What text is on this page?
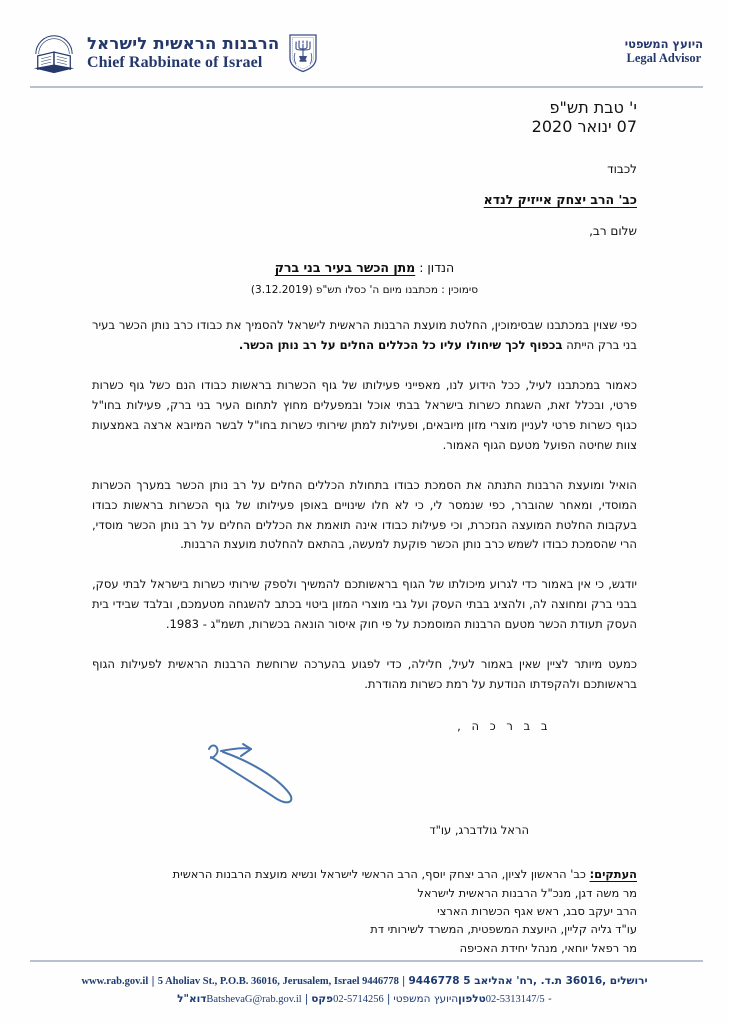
הרבנות הראשית לישראל
Chief Rabbinate of Israel
היועץ המשפטי
Legal Advisor
י' טבת תש"פ
07 ינואר 2020
לכבוד
כב' הרב יצחק אייזיק לנדא
שלום רב,
הנדון : מתן הכשר בעיר בני ברק
סימוכין : מכתבנו מיום ה' כסלו תש"פ (3.12.2019)
כפי שצוין במכתבנו שבסימוכין, החלטת מועצת הרבנות הראשית לישראל להסמיך את כבודו כרב נותן הכשר בעיר בני ברק הייתה בכפוף לכך שיחולו עליו כל הכללים החלים על רב נותן הכשר.
כאמור במכתבנו לעיל, ככל הידוע לנו, מאפייני פעילותו של גוף הכשרות בראשות כבודו הנם כשל גוף כשרות פרטי, ובכלל זאת, השגחת כשרות בישראל בבתי אוכל ובמפעלים מחוץ לתחום העיר בני ברק, פעילות בחו"ל כגוף כשרות פרטי לעניין מוצרי מזון מיובאים, ופעילות למתן שירותי כשרות בחו"ל לבשר המיובא ארצה באמצעות צוות שחיטה הפועל מטעם הגוף האמור.
הואיל ומועצת הרבנות התנתה את הסמכת כבודו בתחולת הכללים החלים על רב נותן הכשר במערך הכשרות המוסדי, ומאחר שהוברר, כפי שנמסר לי, כי לא חלו שינויים באופן פעילותו של גוף הכשרות בראשות כבודו בעקבות החלטת המועצה הנזכרת, וכי פעילות כבודו אינה תואמת את הכללים החלים על רב נותן הכשר מוסדי, הרי שהסמכת כבודו לשמש כרב נותן הכשר פוקעת למעשה, בהתאם להחלטת מועצת הרבנות.
יודגש, כי אין באמור כדי לגרוע מיכולתו של הגוף בראשותכם להמשיך ולספק שירותי כשרות בישראל לבתי עסק, בבני ברק ומחוצה לה, ולהציג בבתי העסק ועל גבי מוצרי המזון ביטוי בכתב להשגחה מטעמכם, ובלבד שבידי בית העסק תעודת הכשר מטעם הרבנות המוסמכת על פי חוק איסור הונאה בכשרות, תשמ"ג - 1983.
כמעט מיותר לציין שאין באמור לעיל, חלילה, כדי לפגוע בהערכה שרוחשת הרבנות הראשית לפעילות הגוף בראשותכם ולהקפדתו הנודעת על רמת כשרות מהודרת.
ב ב ר כ ה ,
הראל גולדברג, עו"ד
העתקים: כב' הראשון לציון, הרב יצחק יוסף, הרב הראשי לישראל ונשיא מועצת הרבנות הראשית
מר משה דגן, מנכ"ל הרבנות הראשית לישראל
הרב יעקב סבג, ראש אגף הכשרות הארצי
עו"ד גליה קליין, היועצת המשפטית, המשרד לשירותי דת
מר רפאל יוחאי, מנהל יחידת האכיפה
www.rab.gov.il | 5 Aholiav St., P.O.B. 36016, Jerusalem, Israel 9446778 | 9446778 ירושלים ,36016 ת.ד. ,רח' אהליאב 5
BatshevaG@rab.gov.ilדוא"ל	| 02-5714256פקס	|	02-5313147/5טלפוןהיועץ המשפטי -
